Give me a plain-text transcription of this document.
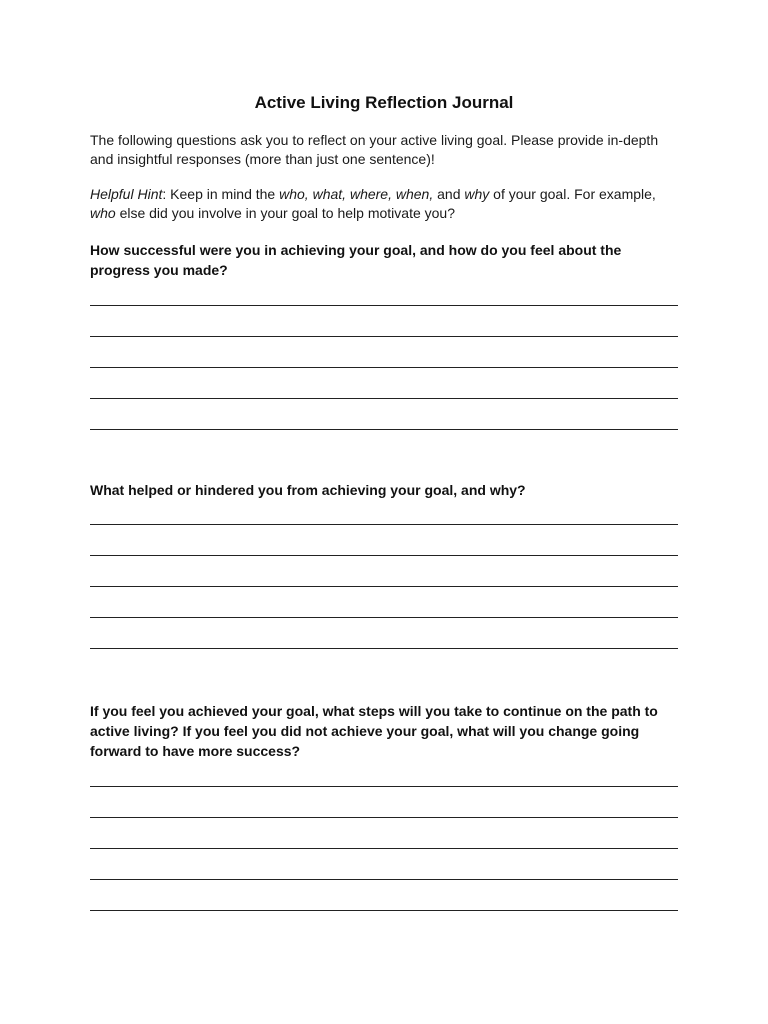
Active Living Reflection Journal
The following questions ask you to reflect on your active living goal. Please provide in-depth and insightful responses (more than just one sentence)!
Helpful Hint: Keep in mind the who, what, where, when, and why of your goal. For example, who else did you involve in your goal to help motivate you?
How successful were you in achieving your goal, and how do you feel about the progress you made?
What helped or hindered you from achieving your goal, and why?
If you feel you achieved your goal, what steps will you take to continue on the path to active living? If you feel you did not achieve your goal, what will you change going forward to have more success?
